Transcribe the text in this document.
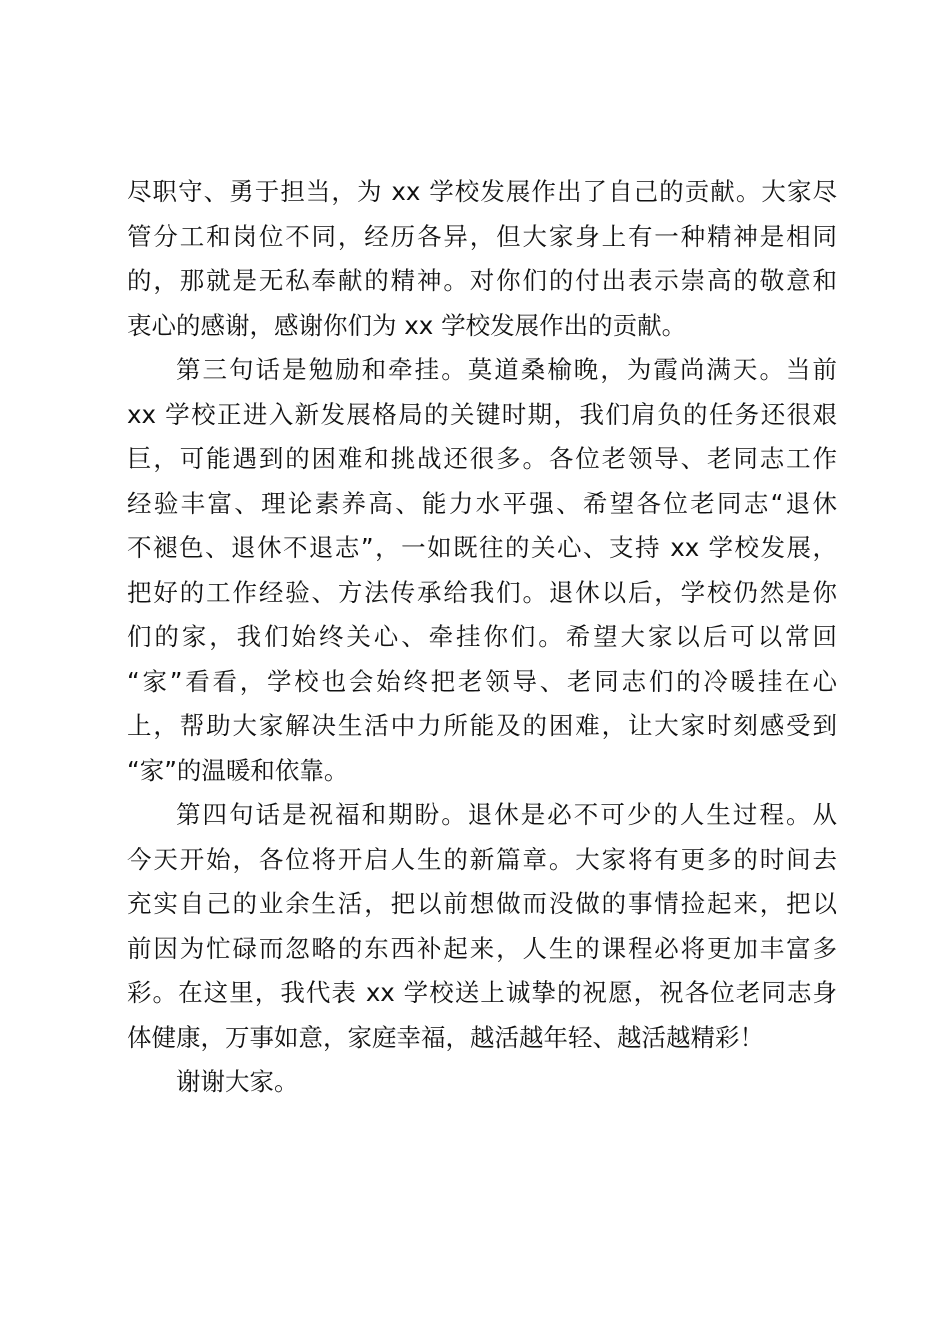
尽职守、勇于担当，为 xx 学校发展作出了自己的贡献。大家尽
管分工和岗位不同，经历各异，但大家身上有一种精神是相同
的，那就是无私奉献的精神。对你们的付出表示崇高的敬意和
衷心的感谢，感谢你们为 xx 学校发展作出的贡献。
第三句话是勉励和牵挂。莫道桑榆晚，为霞尚满天。当前
xx 学校正进入新发展格局的关键时期，我们肩负的任务还很艰
巨，可能遇到的困难和挑战还很多。各位老领导、老同志工作
经验丰富、理论素养高、能力水平强、希望各位老同志“退休
不褪色、退休不退志”，一如既往的关心、支持 xx 学校发展，
把好的工作经验、方法传承给我们。退休以后，学校仍然是你
们的家，我们始终关心、牵挂你们。希望大家以后可以常回
“家”看看，学校也会始终把老领导、老同志们的冷暖挂在心
上，帮助大家解决生活中力所能及的困难，让大家时刻感受到
“家”的温暖和依靠。
第四句话是祝福和期盼。退休是必不可少的人生过程。从
今天开始，各位将开启人生的新篇章。大家将有更多的时间去
充实自己的业余生活，把以前想做而没做的事情捡起来，把以
前因为忙碌而忽略的东西补起来，人生的课程必将更加丰富多
彩。在这里，我代表 xx 学校送上诚挚的祝愿，祝各位老同志身
体健康，万事如意，家庭幸福，越活越年轻、越活越精彩！
谢谢大家。
